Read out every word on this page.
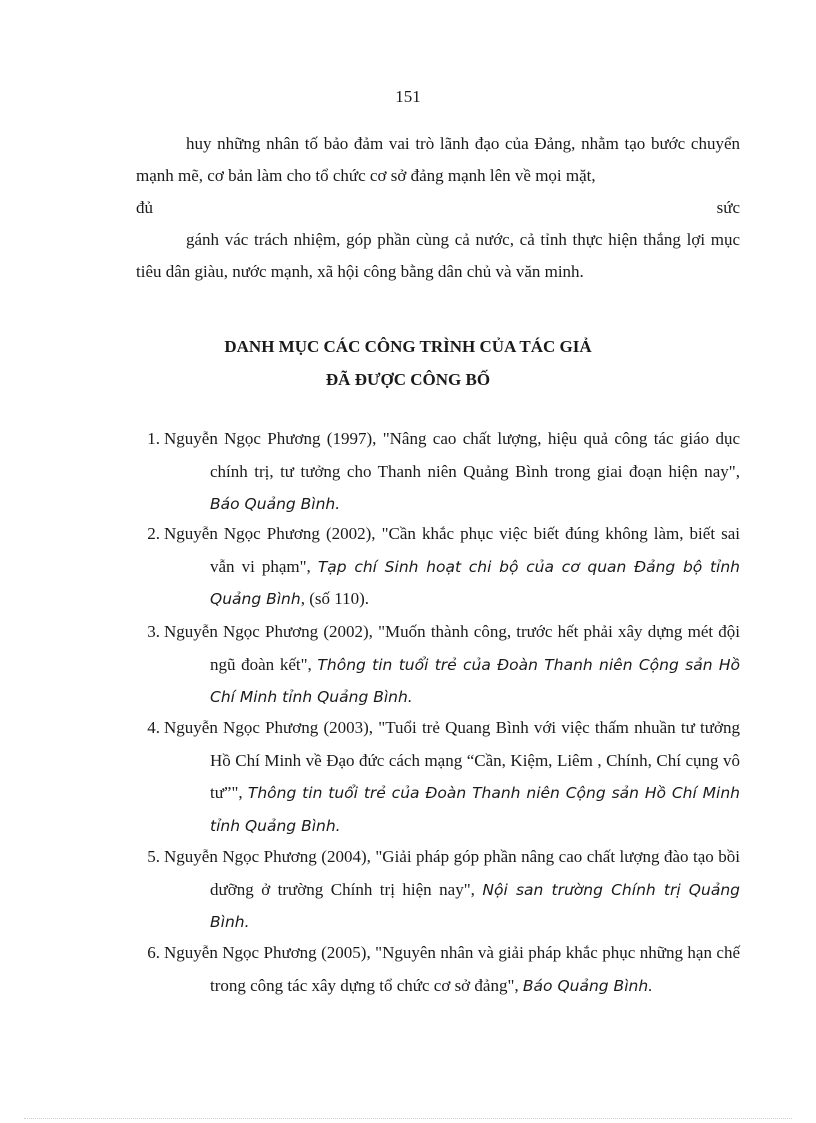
151

huy những nhân tố bảo đảm vai trò lãnh đạo của Đảng, nhằm tạo bước chuyển mạnh mẽ, cơ bản làm cho tổ chức cơ sở đảng mạnh lên về mọi mặt,

đủ	sức

gánh vác trách nhiệm, góp phần cùng cả nước, cả tỉnh thực hiện thắng lợi mục tiêu dân giàu, nước mạnh, xã hội công bằng dân chủ và văn minh.

DANH MỤC CÁC CÔNG TRÌNH CỦA TÁC GIẢ
ĐÃ ĐƯỢC CÔNG BỐ
1. Nguyễn Ngọc Phương (1997), "Nâng cao chất lượng, hiệu quả công tác giáo dục chính trị, tư tưởng cho Thanh niên Quảng Bình trong giai đoạn hiện nay", Báo Quảng Bình.
2. Nguyễn Ngọc Phương (2002), "Cần khắc phục việc biết đúng không làm, biết sai vẫn vi phạm", Tạp chí Sinh hoạt chi bộ của cơ quan Đảng bộ tỉnh Quảng Bình, (số 110).
3. Nguyễn Ngọc Phương (2002), "Muốn thành công, trước hết phải xây dựng mét đội ngũ đoàn kết", Thông tin tuổi trẻ của Đoàn Thanh niên Cộng sản Hồ Chí Minh tỉnh Quảng Bình.
4. Nguyễn Ngọc Phương (2003), "Tuổi trẻ Quang Bình với việc thấm nhuần tư tưởng Hồ Chí Minh về Đạo đức cách mạng “Cần, Kiệm, Liêm , Chính, Chí cụng vô tư”", Thông tin tuổi trẻ của Đoàn Thanh niên Cộng sản Hồ Chí Minh tỉnh Quảng Bình.
5. Nguyễn Ngọc Phương (2004), "Giải pháp góp phần nâng cao chất lượng đào tạo bồi dưỡng ở trường Chính trị hiện nay", Nội san trường Chính trị Quảng Bình.
6. Nguyễn Ngọc Phương (2005), "Nguyên nhân và giải pháp khắc phục những hạn chế trong công tác xây dựng tổ chức cơ sở đảng", Báo Quảng Bình.
